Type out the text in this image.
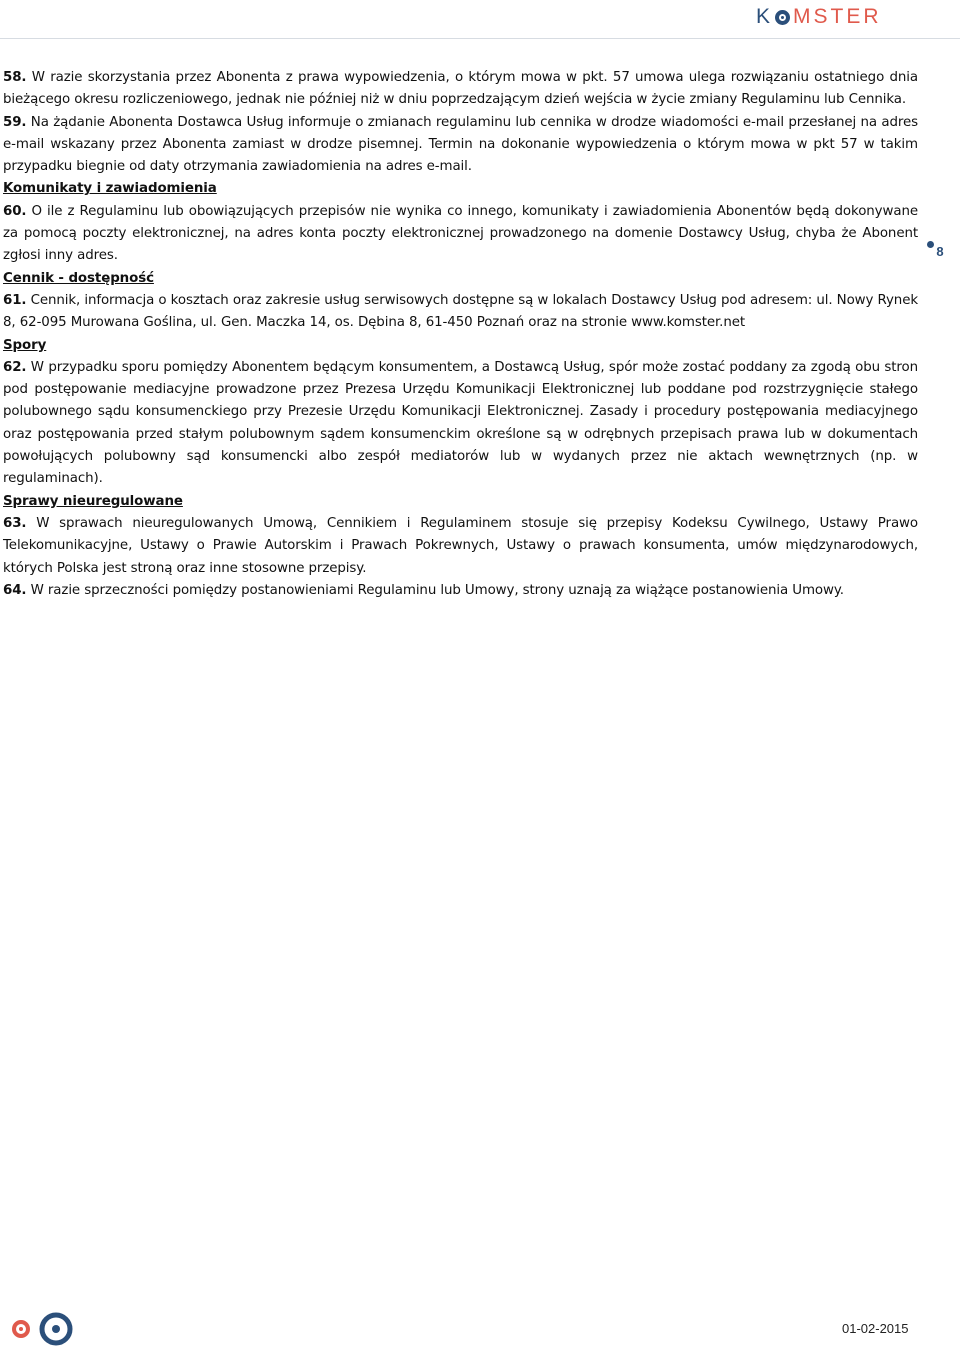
K MSTER

58. W razie skorzystania przez Abonenta z prawa wypowiedzenia, o którym mowa w pkt. 57 umowa ulega rozwiązaniu ostatniego dnia bieżącego okresu rozliczeniowego, jednak nie później niż w dniu poprzedzającym dzień wejścia w życie zmiany Regulaminu lub Cennika.

59. Na żądanie Abonenta Dostawca Usług informuje o zmianach regulaminu lub cennika w drodze wiadomości e-mail przesłanej na adres e-mail wskazany przez Abonenta zamiast w drodze pisemnej. Termin na dokonanie wypowiedzenia o którym mowa w pkt 57 w takim przypadku biegnie od daty otrzymania zawiadomienia na adres e-mail.

Komunikaty i zawiadomienia

60. O ile z Regulaminu lub obowiązujących przepisów nie wynika co innego, komunikaty i zawiadomienia Abonentów będą dokonywane za pomocą poczty elektronicznej, na adres konta poczty elektronicznej prowadzonego na domenie Dostawcy Usług, chyba że Abonent zgłosi inny adres.

Cennik - dostępność

61. Cennik, informacja o kosztach oraz zakresie usług serwisowych dostępne są w lokalach Dostawcy Usług pod adresem: ul. Nowy Rynek 8, 62-095 Murowana Goślina, ul. Gen. Maczka 14, os. Dębina 8, 61-450 Poznań oraz na stronie www.komster.net

Spory

62. W przypadku sporu pomiędzy Abonentem będącym konsumentem, a Dostawcą Usług, spór może zostać poddany za zgodą obu stron pod postępowanie mediacyjne prowadzone przez Prezesa Urzędu Komunikacji Elektronicznej lub poddane pod rozstrzygnięcie stałego polubownego sądu konsumenckiego przy Prezesie Urzędu Komunikacji Elektronicznej. Zasady i procedury postępowania mediacyjnego oraz postępowania przed stałym polubownym sądem konsumenckim określone są w odrębnych przepisach prawa lub w dokumentach powołujących polubowny sąd konsumencki albo zespół mediatorów lub w wydanych przez nie aktach wewnętrznych (np. w regulaminach).

Sprawy nieuregulowane

63. W sprawach nieuregulowanych Umową, Cennikiem i Regulaminem stosuje się przepisy Kodeksu Cywilnego, Ustawy Prawo Telekomunikacyjne, Ustawy o Prawie Autorskim i Prawach Pokrewnych, Ustawy o prawach konsumenta, umów międzynarodowych, których Polska jest stroną oraz inne stosowne przepisy.

64. W razie sprzeczności pomiędzy postanowieniami Regulaminu lub Umowy, strony uznają za wiążące postanowienia Umowy.

8
01-02-2015
